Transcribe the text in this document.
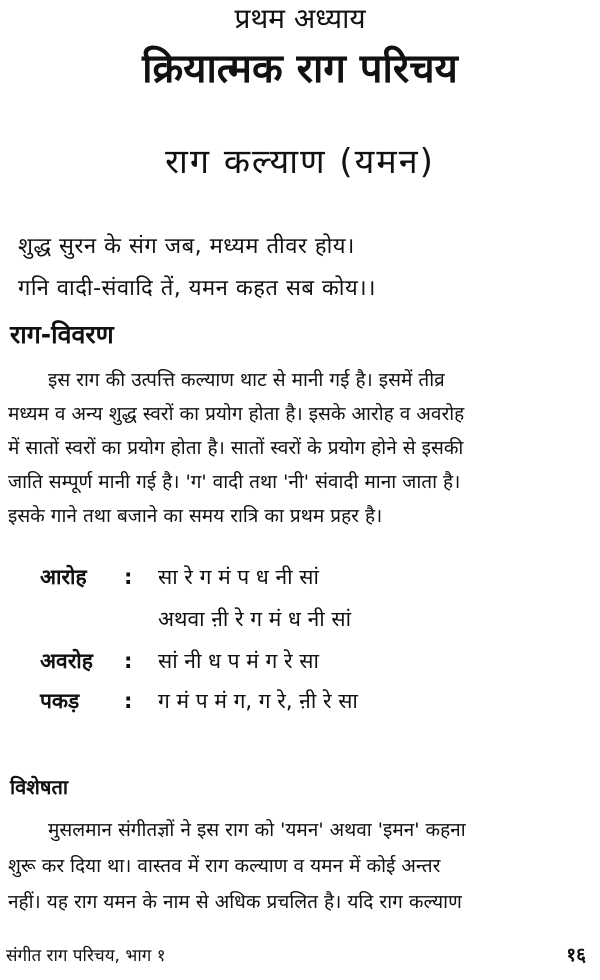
प्रथम अध्याय
क्रियात्मक राग परिचय
राग कल्याण (यमन)
शुद्ध सुरन के संग जब, मध्यम तीवर होय।
गनि वादी-संवादि तें, यमन कहत सब कोय।।
राग-विवरण
इस राग की उत्पत्ति कल्याण थाट से मानी गई है। इसमें तीव्र
मध्यम व अन्य शुद्ध स्वरों का प्रयोग होता है। इसके आरोह व अवरोह
में सातों स्वरों का प्रयोग होता है। सातों स्वरों के प्रयोग होने से इसकी
जाति सम्पूर्ण मानी गई है। 'ग' वादी तथा 'नी' संवादी माना जाता है।
इसके गाने तथा बजाने का समय रात्रि का प्रथम प्रहर है।
आरोह : सा रे ग मं प ध नी सां
अथवा ऩी रे ग मं ध नी सां
अवरोह : सां नी ध प मं ग रे सा
पकड़ : ग मं प मं ग, ग रे, ऩी रे सा
विशेषता
मुसलमान संगीतज्ञों ने इस राग को 'यमन' अथवा 'इमन' कहना
शुरू कर दिया था। वास्तव में राग कल्याण व यमन में कोई अन्तर
नहीं। यह राग यमन के नाम से अधिक प्रचलित है। यदि राग कल्याण
संगीत राग परिचय, भाग १	१६
